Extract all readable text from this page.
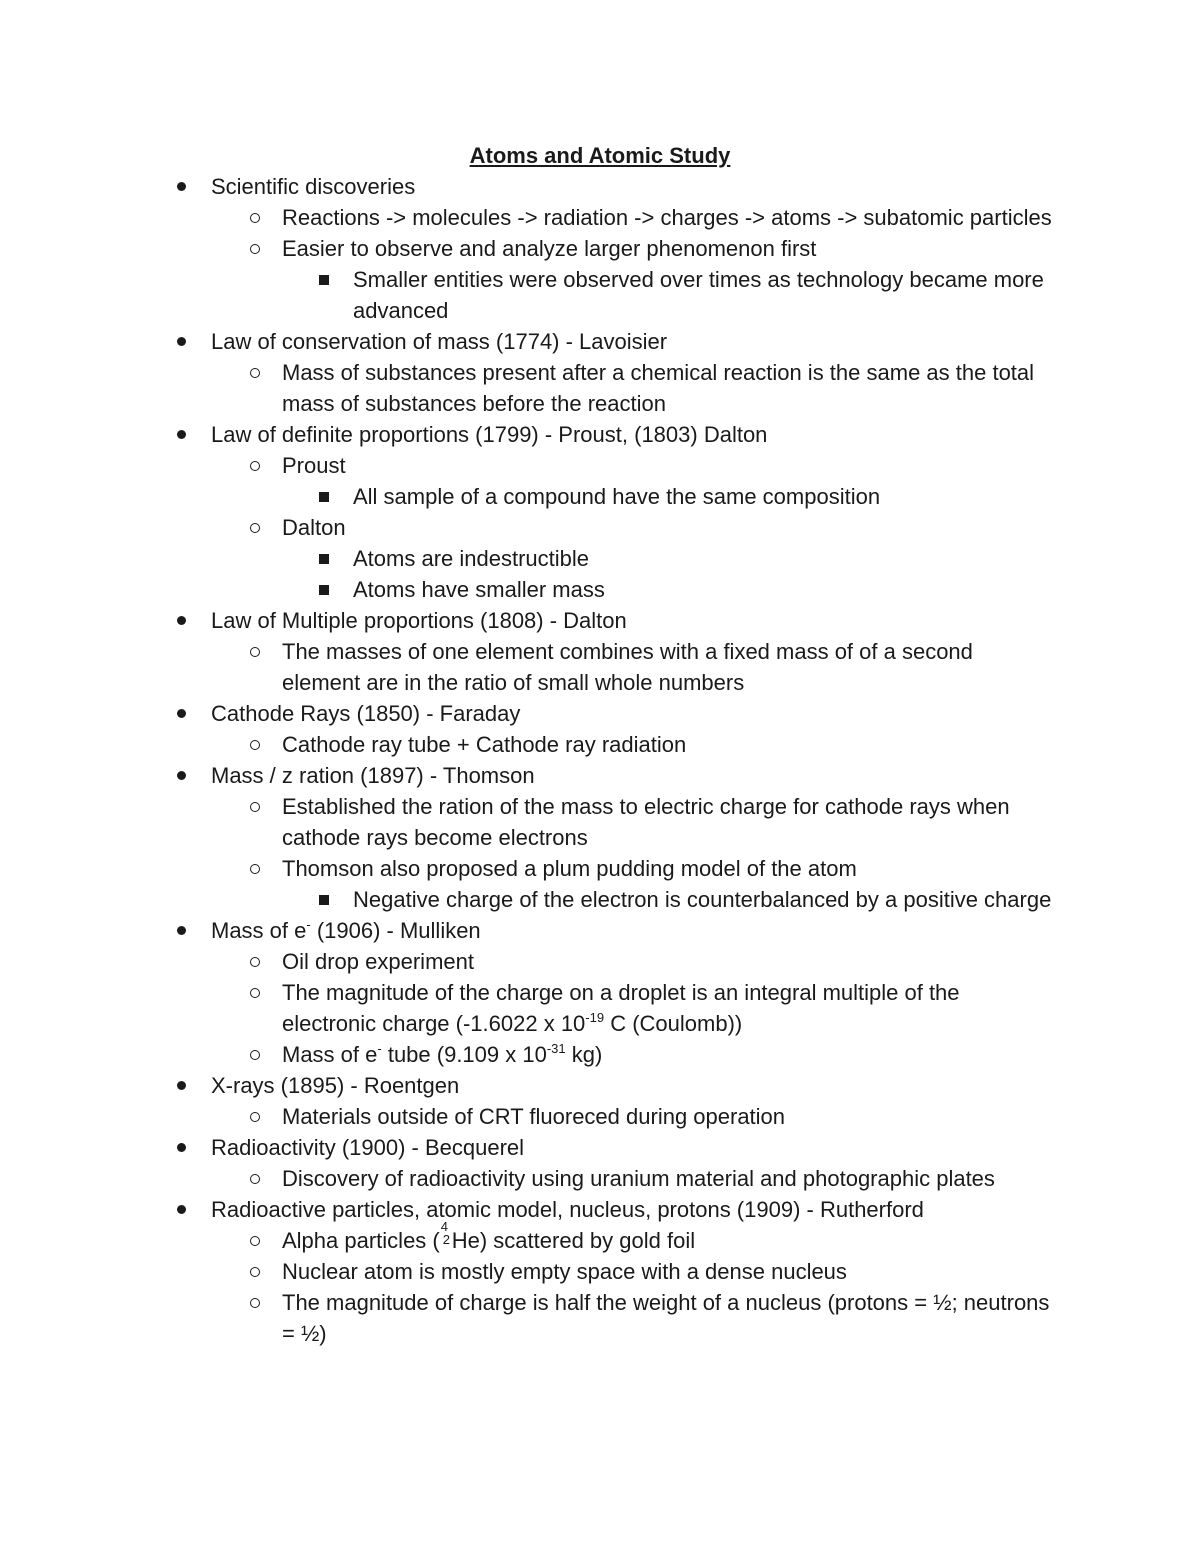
Atoms and Atomic Study
Scientific discoveries
Reactions -> molecules -> radiation -> charges -> atoms -> subatomic particles
Easier to observe and analyze larger phenomenon first
Smaller entities were observed over times as technology became more advanced
Law of conservation of mass (1774) - Lavoisier
Mass of substances present after a chemical reaction is the same as the total mass of substances before the reaction
Law of definite proportions (1799) - Proust, (1803) Dalton
Proust
All sample of a compound have the same composition
Dalton
Atoms are indestructible
Atoms have smaller mass
Law of Multiple proportions (1808) - Dalton
The masses of one element combines with a fixed mass of of a second element are in the ratio of small whole numbers
Cathode Rays (1850) - Faraday
Cathode ray tube + Cathode ray radiation
Mass / z ration (1897) - Thomson
Established the ration of the mass to electric charge for cathode rays when cathode rays become electrons
Thomson also proposed a plum pudding model of the atom
Negative charge of the electron is counterbalanced by a positive charge
Mass of e- (1906) - Mulliken
Oil drop experiment
The magnitude of the charge on a droplet is an integral multiple of the electronic charge (-1.6022 x $10^{-19}$ C (Coulomb))
Mass of e- tube (9.109 x $10^{-31}$ kg)
X-rays (1895) - Roentgen
Materials outside of CRT fluoreced during operation
Radioactivity (1900) - Becquerel
Discovery of radioactivity using uranium material and photographic plates
Radioactive particles, atomic model, nucleus, protons (1909) - Rutherford
Alpha particles (
4
2 He) scattered by gold foil
Nuclear atom is mostly empty space with a dense nucleus
The magnitude of charge is half the weight of a nucleus (protons = ½; neutrons = ½)
